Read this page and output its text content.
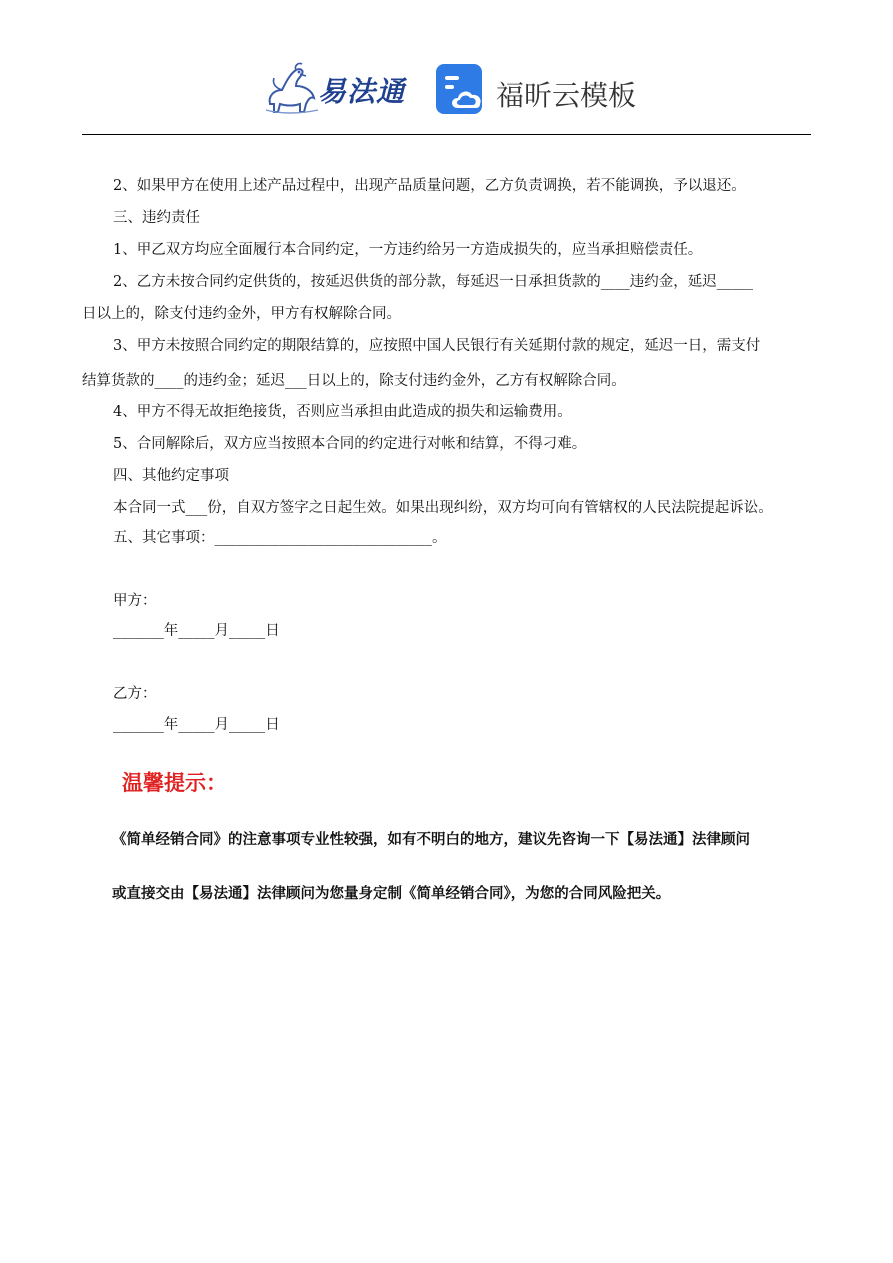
易法通	福昕云模板
2、如果甲方在使用上述产品过程中，出现产品质量问题，乙方负责调换，若不能调换，予以退还。
三、违约责任
1、甲乙双方均应全面履行本合同约定，一方违约给另一方造成损失的，应当承担赔偿责任。
2、乙方未按合同约定供货的，按延迟供货的部分款，每延迟一日承担货款的____违约金，延迟_____
日以上的，除支付违约金外，甲方有权解除合同。
3、甲方未按照合同约定的期限结算的，应按照中国人民银行有关延期付款的规定，延迟一日，需支付
结算货款的____的违约金；延迟___日以上的，除支付违约金外，乙方有权解除合同。
4、甲方不得无故拒绝接货，否则应当承担由此造成的损失和运输费用。
5、合同解除后，双方应当按照本合同的约定进行对帐和结算，不得刁难。
四、其他约定事项
本合同一式___份，自双方签字之日起生效。如果出现纠纷，双方均可向有管辖权的人民法院提起诉讼。
五、其它事项：______________________________。
甲方：
_______年_____月_____日
乙方：
_______年_____月_____日
温馨提示：
《简单经销合同》的注意事项专业性较强，如有不明白的地方，建议先咨询一下【易法通】法律顾问
或直接交由【易法通】法律顾问为您量身定制《简单经销合同》，为您的合同风险把关。
